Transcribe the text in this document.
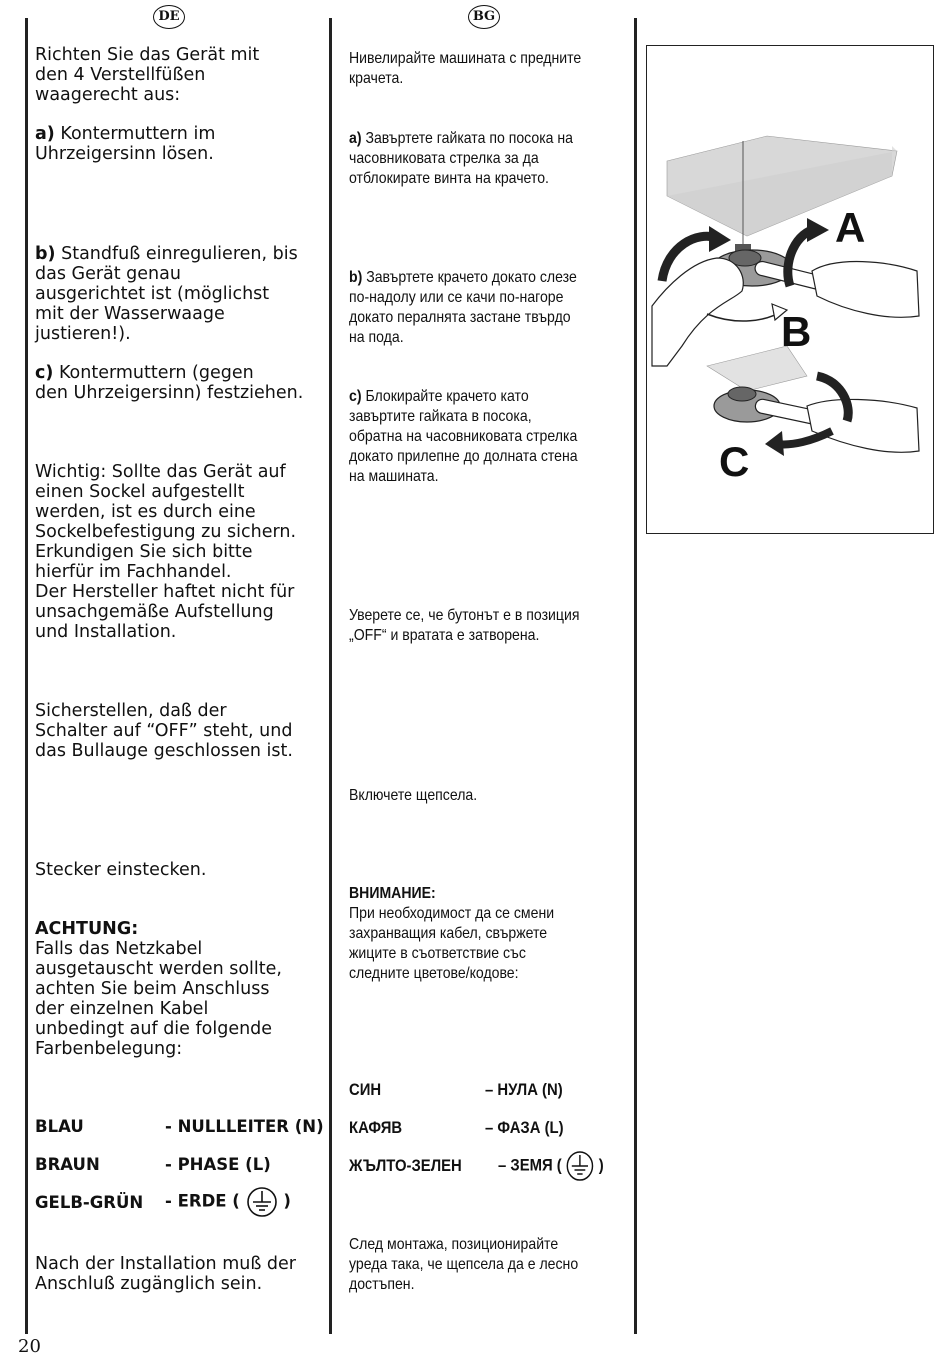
DE	BG
Richten Sie das Gerät mit
den 4 Verstellfüßen
waagerecht aus:
a) Kontermuttern im
Uhrzeigersinn lösen.
b) Standfuß einregulieren, bis
das Gerät genau
ausgerichtet ist (möglichst
mit der Wasserwaage
justieren!).
c) Kontermuttern (gegen
den Uhrzeigersinn) festziehen.
Wichtig: Sollte das Gerät auf
einen Sockel aufgestellt
werden, ist es durch eine
Sockelbefestigung zu sichern.
Erkundigen Sie sich bitte
hierfür im Fachhandel.
Der Hersteller haftet nicht für
unsachgemäße Aufstellung
und Installation.
Sicherstellen, daß der
Schalter auf “OFF” steht, und
das Bullauge geschlossen ist.
Stecker einstecken.
ACHTUNG:
Falls das Netzkabel
ausgetauscht werden sollte,
achten Sie beim Anschluss
der einzelnen Kabel
unbedingt auf die folgende
Farbenbelegung:
BLAU	- NULLLEITER (N)
BRAUN	- PHASE (L)
GELB-GRÜN - ERDE (	)
Nach der Installation muß der
Anschluß zugänglich sein.
Нивелирайте машината с предните
крачета.
а) Завъртете гайката по посока на
часовниковата стрелка за да
отблокирате винта на крачето.
b) Завъртете крачето докато слезе
по-надолу или се качи по-нагоре
докато пералнята застане твърдо
на пода.
c) Блокирайте крачето като
завъртите гайката в посока,
обратна на часовниковата стрелка
докато прилепне до долната стена
на машината.
Уверете се, че бутонът е в позиция
„OFF“ и вратата е затворена.
Включете щепсела.
ВНИМАНИЕ:
При необходимост да се смени
захранващия кабел, свържете
жиците в съответствие със
следните цветове/кодове:
СИН	– НУЛА (N)
КАФЯВ	– ФАЗА (L)
ЖЪЛТО-ЗЕЛЕН – ЗЕМЯ ( )
След монтажа, позиционирайте
уреда така, че щепсела да е лесно
достъпен.
A
B
C
20
